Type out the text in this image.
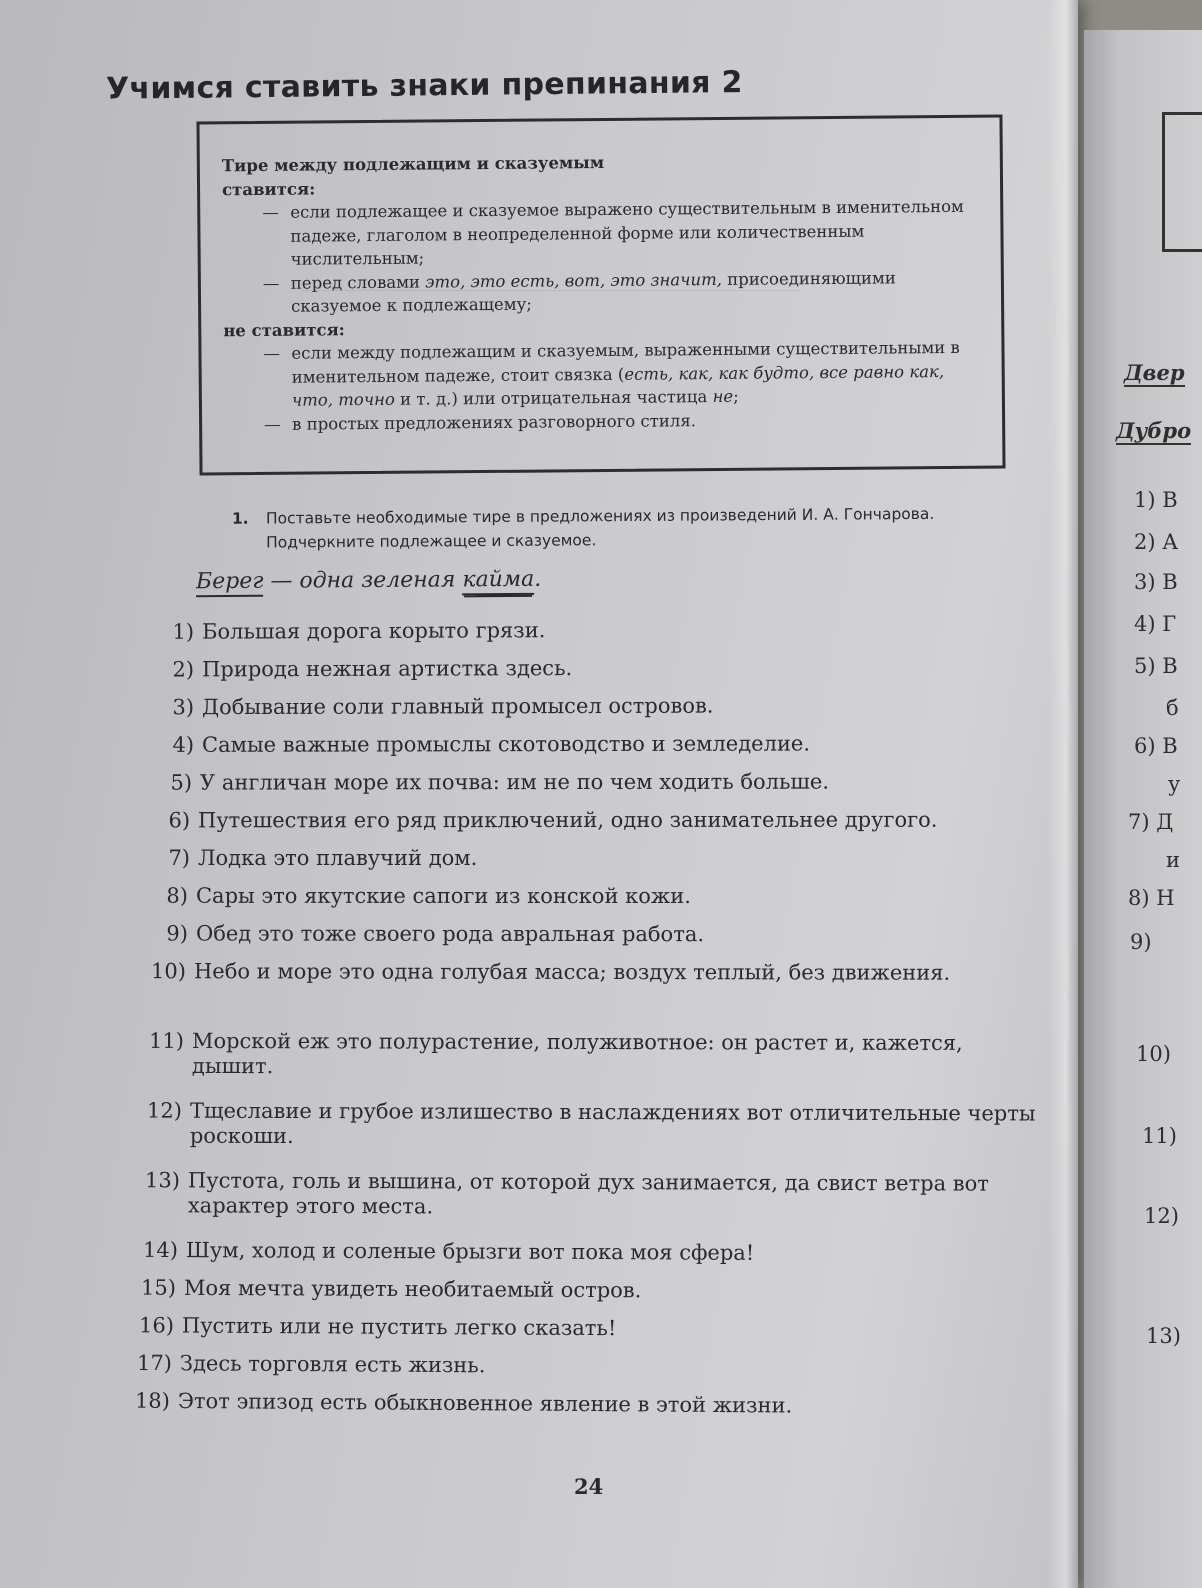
Учимся ставить знаки препинания 2
Тире между подлежащим и сказуемым
ставится:
— если подлежащее и сказуемое выражено существительным в именительном падеже, глаголом в неопределенной форме или количественным числительным;
— перед словами это, это есть, вот, это значит, присоединяющими сказуемое к подлежащему;
не ставится:
— если между подлежащим и сказуемым, выраженными существительными в именительном падеже, стоит связка (есть, как, как будто, все равно как, что, точно и т. д.) или отрицательная частица не;
— в простых предложениях разговорного стиля.
1. Поставьте необходимые тире в предложениях из произведений И. А. Гончарова.
Подчеркните подлежащее и сказуемое.
Берег — одна зеленая кайма.
1) Большая дорога корыто грязи.
2) Природа нежная артистка здесь.
3) Добывание соли главный промысел островов.
4) Самые важные промыслы скотоводство и земледелие.
5) У англичан море их почва: им не по чем ходить больше.
6) Путешествия его ряд приключений, одно занимательнее другого.
7) Лодка это плавучий дом.
8) Сары это якутские сапоги из конской кожи.
9) Обед это тоже своего рода авральная работа.
10) Небо и море это одна голубая масса; воздух теплый, без движения.
11) Морской еж это полурастение, полуживотное: он растет и, кажется, дышит.
12) Тщеславие и грубое излишество в наслаждениях вот отличительные черты роскоши.
13) Пустота, голь и вышина, от которой дух занимается, да свист ветра вот характер этого места.
14) Шум, холод и соленые брызги вот пока моя сфера!
15) Моя мечта увидеть необитаемый остров.
16) Пустить или не пустить легко сказать!
17) Здесь торговля есть жизнь.
18) Этот эпизод есть обыкновенное явление в этой жизни.
24
Двер
Дубро
1) В
2) А
3) В
4) Г
5) В
б
6) В
у
7) Д
и
8) Н
9)
10)
11)
12)
13)
